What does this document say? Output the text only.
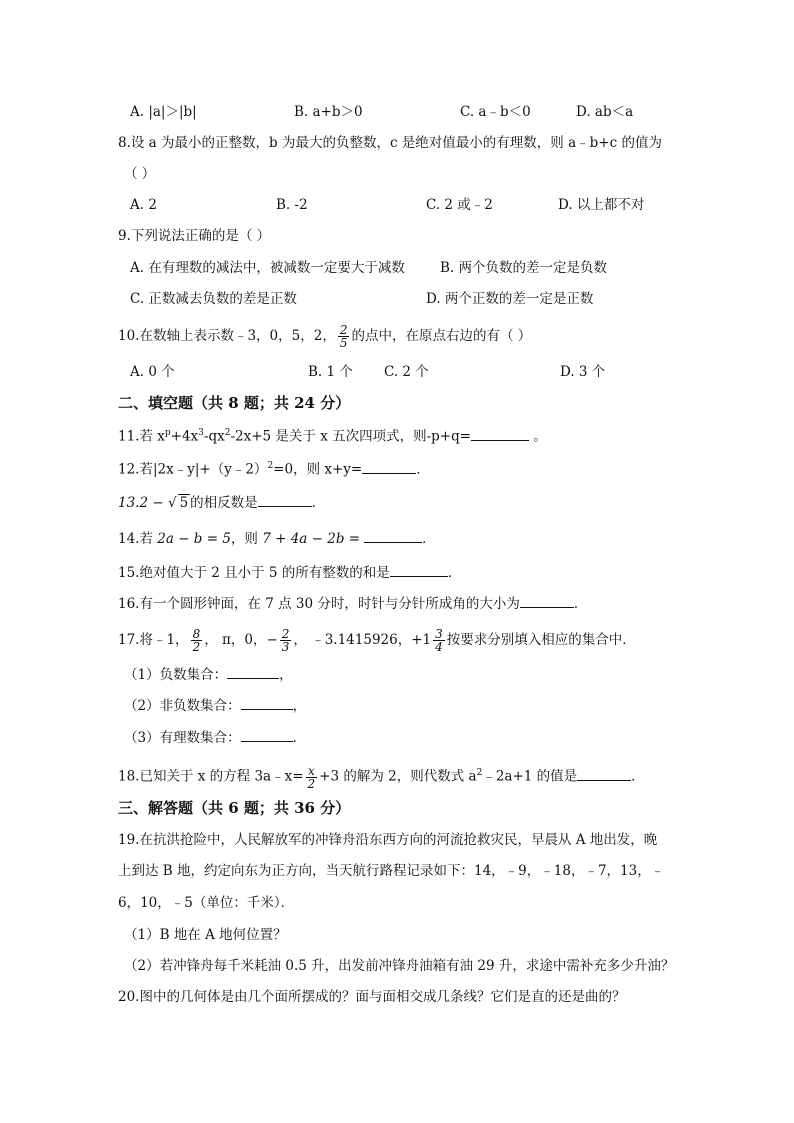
A. |a|＞|b|	B. a+b＞0	C. a﹣b＜0	D. ab＜a
8.设 a 为最小的正整数，b 为最大的负整数，c 是绝对值最小的有理数，则 a﹣b+c 的值为
（ ）
A. 2	B. -2	C. 2 或﹣2	D. 以上都不对
9.下列说法正确的是（ ）
A. 在有理数的减法中，被减数一定要大于减数	B. 两个负数的差一定是负数
C. 正数减去负数的差是正数	D. 两个正数的差一定是正数
10.在数轴上表示数﹣3，0，5，2， $\frac{2}{5}$ 的点中，在原点右边的有（ ）
A. 0 个	B. 1 个 C. 2 个	D. 3 个
二、填空题（共 8 题；共 24 分）
11.若 $x^p+4x^3-qx^2-2x+5$ 是关于 x 五次四项式，则-p+q=	。
12.若|2x﹣y|+（y﹣2）$^2$=0，则 x+y=	．
13.2 − √ 5 的相反数是	．
14.若 2a − b = 5，则 7 + 4a − 2b =	．
15.绝对值大于 2 且小于 5 的所有整数的和是	．
16.有一个圆形钟面，在 7 点 30 分时，时针与分针所成角的大小为	．
17.将﹣1， $\frac{8}{2}$ ， π，0，− $\frac{2}{3}$ ， ﹣3.1415926，$+1 \frac{3}{4}$ 按要求分别填入相应的集合中．
（1）负数集合：	，
（2）非负数集合：	，
（3）有理数集合：	．
18.已知关于 x 的方程 3a﹣x= $\frac{x}{2} +3$ 的解为 2，则代数式 $a^2﹣2a+1$ 的值是	．
三、解答题（共 6 题；共 36 分）
19.在抗洪抢险中，人民解放军的冲锋舟沿东西方向的河流抢救灾民，早晨从 A 地出发，晚
上到达 B 地，约定向东为正方向，当天航行路程记录如下：14，﹣9，﹣18，﹣7，13，﹣
6，10，﹣5（单位：千米）．
（1）B 地在 A 地何位置？
（2）若冲锋舟每千米耗油 0.5 升，出发前冲锋舟油箱有油 29 升，求途中需补充多少升油？
20.图中的几何体是由几个面所摆成的？面与面相交成几条线？它们是直的还是曲的？
